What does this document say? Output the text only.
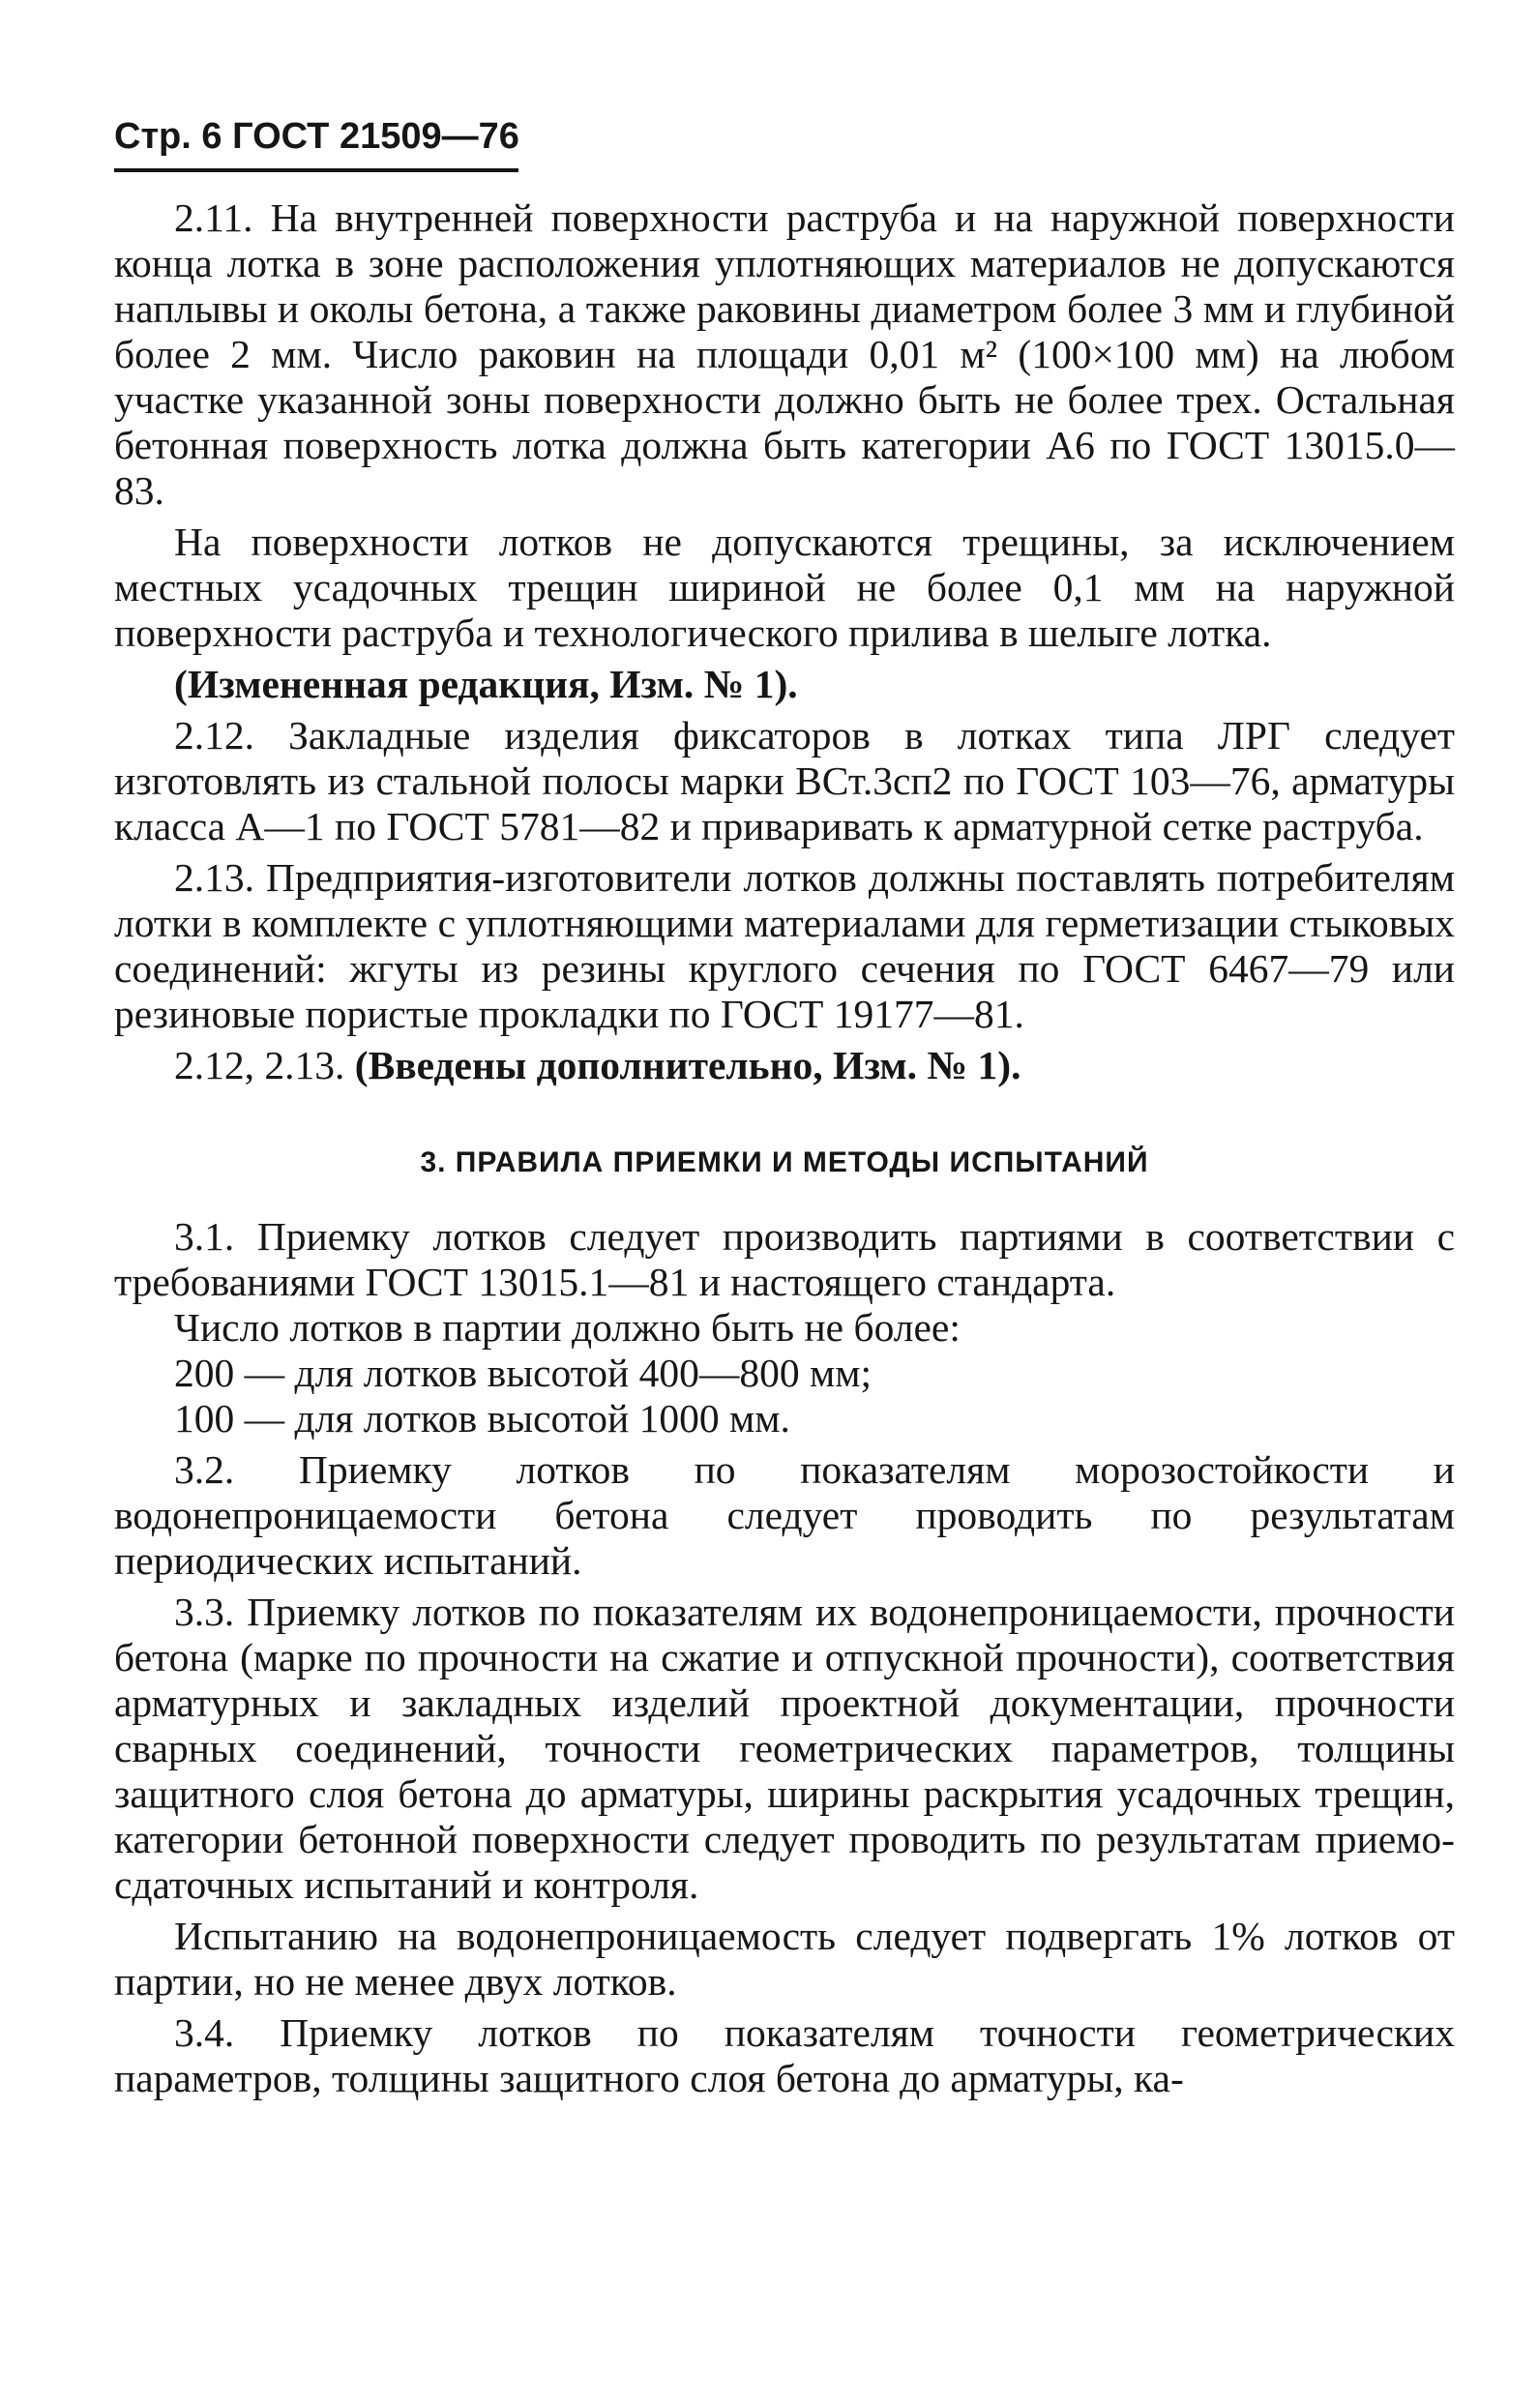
Стр. 6 ГОСТ 21509—76

2.11. На внутренней поверхности раструба и на наружной поверхности конца лотка в зоне расположения уплотняющих материалов не допускаются наплывы и околы бетона, а также раковины диаметром более 3 мм и глубиной более 2 мм. Число раковин на площади 0,01 м² (100×100 мм) на любом участке указанной зоны поверхности должно быть не более трех. Остальная бетонная поверхность лотка должна быть категории А6 по ГОСТ 13015.0—83.

На поверхности лотков не допускаются трещины, за исключением местных усадочных трещин шириной не более 0,1 мм на наружной поверхности раструба и технологического прилива в шелыге лотка.

(Измененная редакция, Изм. № 1).

2.12. Закладные изделия фиксаторов в лотках типа ЛРГ следует изготовлять из стальной полосы марки ВСт.3сп2 по ГОСТ 103—76, арматуры класса А—1 по ГОСТ 5781—82 и приваривать к арматурной сетке раструба.

2.13. Предприятия-изготовители лотков должны поставлять потребителям лотки в комплекте с уплотняющими материалами для герметизации стыковых соединений: жгуты из резины круглого сечения по ГОСТ 6467—79 или резиновые пористые прокладки по ГОСТ 19177—81.

2.12, 2.13. (Введены дополнительно, Изм. № 1).

3. ПРАВИЛА ПРИЕМКИ И МЕТОДЫ ИСПЫТАНИЙ

3.1. Приемку лотков следует производить партиями в соответствии с требованиями ГОСТ 13015.1—81 и настоящего стандарта.

Число лотков в партии должно быть не более:

200 — для лотков высотой 400—800 мм;

100 — для лотков высотой 1000 мм.

3.2. Приемку лотков по показателям морозостойкости и водонепроницаемости бетона следует проводить по результатам периодических испытаний.

3.3. Приемку лотков по показателям их водонепроницаемости, прочности бетона (марке по прочности на сжатие и отпускной прочности), соответствия арматурных и закладных изделий проектной документации, прочности сварных соединений, точности геометрических параметров, толщины защитного слоя бетона до арматуры, ширины раскрытия усадочных трещин, категории бетонной поверхности следует проводить по результатам приемо-сдаточных испытаний и контроля.

Испытанию на водонепроницаемость следует подвергать 1% лотков от партии, но не менее двух лотков.

3.4. Приемку лотков по показателям точности геометрических параметров, толщины защитного слоя бетона до арматуры, ка-
